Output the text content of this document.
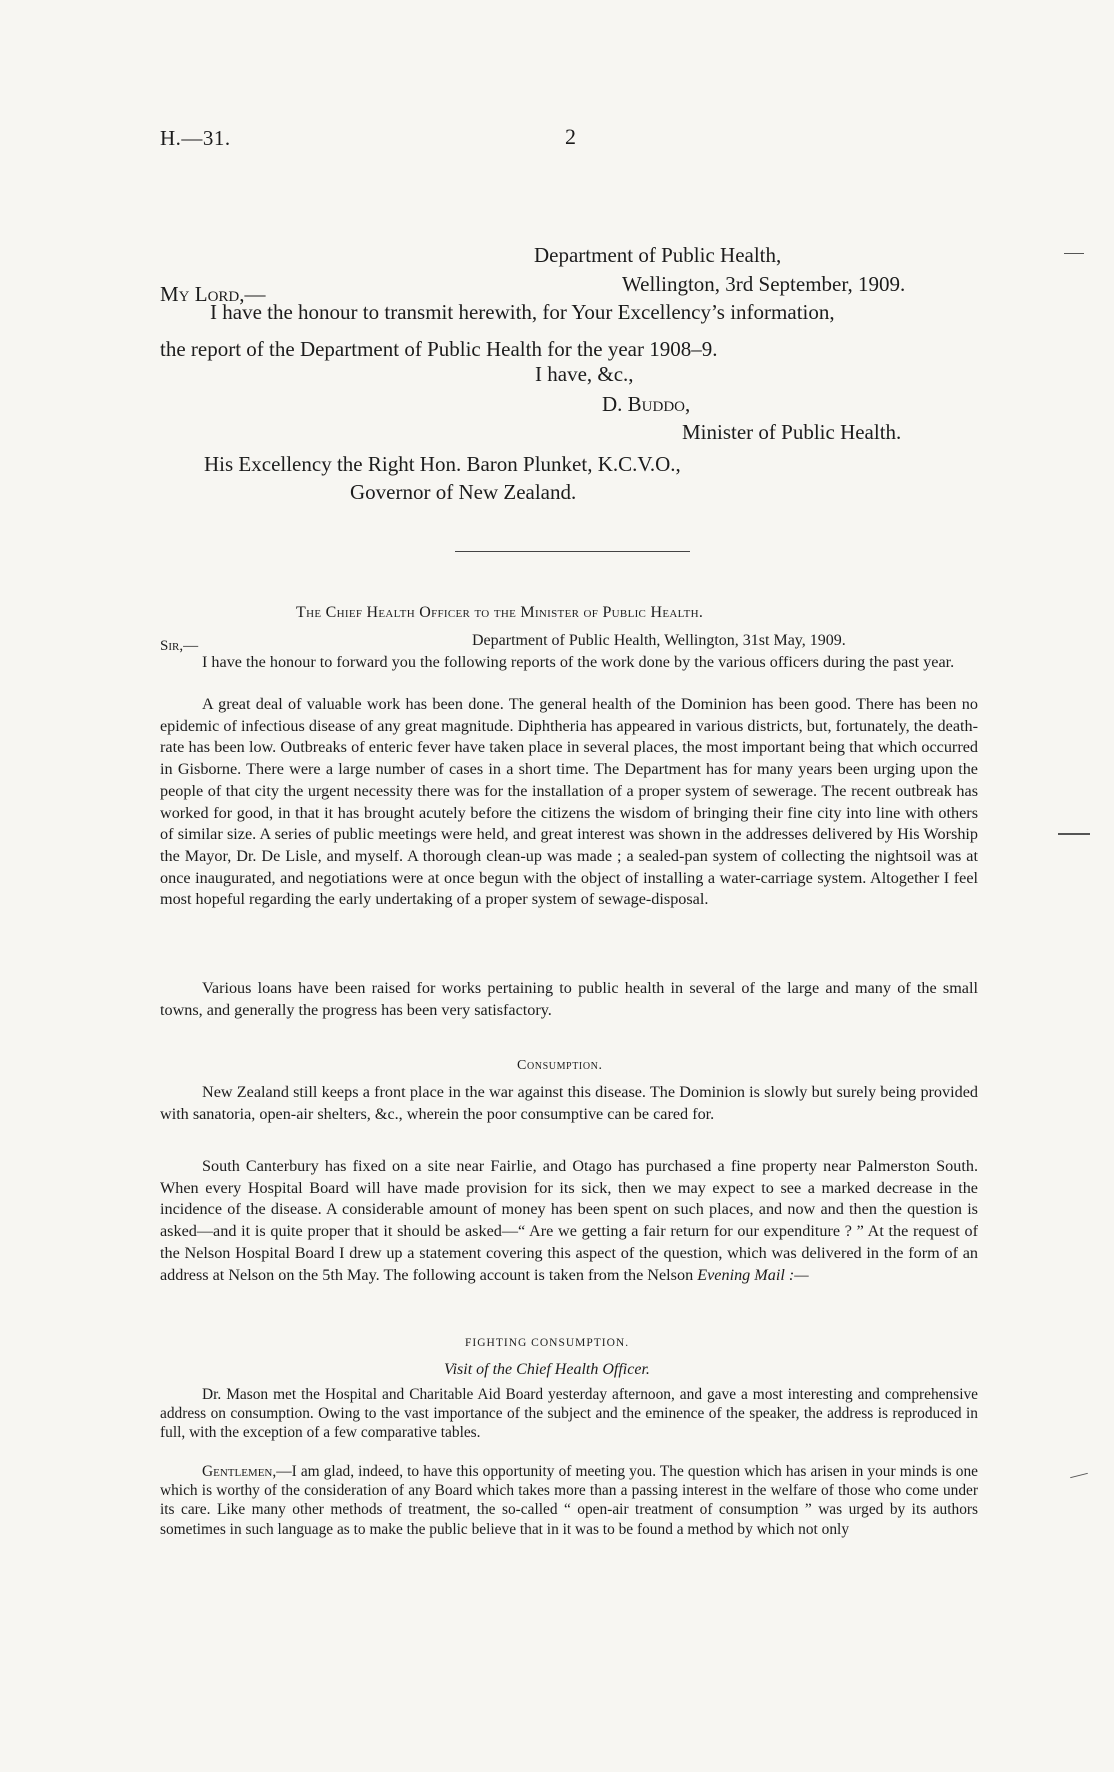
H.—31.	2
Department of Public Health,
Wellington, 3rd September, 1909.
My Lord,—
I have the honour to transmit herewith, for Your Excellency’s information,
the report of the Department of Public Health for the year 1908–9.
I have, &c.,
D. Buddo,
Minister of Public Health.
His Excellency the Right Hon. Baron Plunket, K.C.V.O.,
Governor of New Zealand.
The Chief Health Officer to the Minister of Public Health.
Sir,—	Department of Public Health, Wellington, 31st May, 1909.

I have the honour to forward you the following reports of the work done by the various officers during the past year.

A great deal of valuable work has been done. The general health of the Dominion has been good. There has been no epidemic of infectious disease of any great magnitude. Diphtheria has appeared in various districts, but, fortunately, the death-rate has been low. Outbreaks of enteric fever have taken place in several places, the most important being that which occurred in Gisborne. There were a large number of cases in a short time. The Department has for many years been urging upon the people of that city the urgent necessity there was for the installation of a proper system of sewerage. The recent outbreak has worked for good, in that it has brought acutely before the citizens the wisdom of bringing their fine city into line with others of similar size. A series of public meetings were held, and great interest was shown in the addresses delivered by His Worship the Mayor, Dr. De Lisle, and myself. A thorough clean-up was made ; a sealed-pan system of collecting the nightsoil was at once inaugurated, and negotiations were at once begun with the object of installing a water-carriage system. Altogether I feel most hopeful regarding the early undertaking of a proper system of sewage-disposal.

Various loans have been raised for works pertaining to public health in several of the large and many of the small towns, and generally the progress has been very satisfactory.

Consumption.

New Zealand still keeps a front place in the war against this disease. The Dominion is slowly but surely being provided with sanatoria, open-air shelters, &c., wherein the poor consumptive can be cared for.

South Canterbury has fixed on a site near Fairlie, and Otago has purchased a fine property near Palmerston South. When every Hospital Board will have made provision for its sick, then we may expect to see a marked decrease in the incidence of the disease. A considerable amount of money has been spent on such places, and now and then the question is asked—and it is quite proper that it should be asked—“ Are we getting a fair return for our expenditure ? ” At the request of the Nelson Hospital Board I drew up a statement covering this aspect of the question, which was delivered in the form of an address at Nelson on the 5th May. The following account is taken from the Nelson Evening Mail :—

FIGHTING CONSUMPTION.
Visit of the Chief Health Officer.

Dr. Mason met the Hospital and Charitable Aid Board yesterday afternoon, and gave a most interesting and comprehensive address on consumption. Owing to the vast importance of the subject and the eminence of the speaker, the address is reproduced in full, with the exception of a few comparative tables.

Gentlemen,—I am glad, indeed, to have this opportunity of meeting you. The question which has arisen in your minds is one which is worthy of the consideration of any Board which takes more than a passing interest in the welfare of those who come under its care. Like many other methods of treatment, the so-called “ open-air treatment of consumption ” was urged by its authors sometimes in such language as to make the public believe that in it was to be found a method by which not only
